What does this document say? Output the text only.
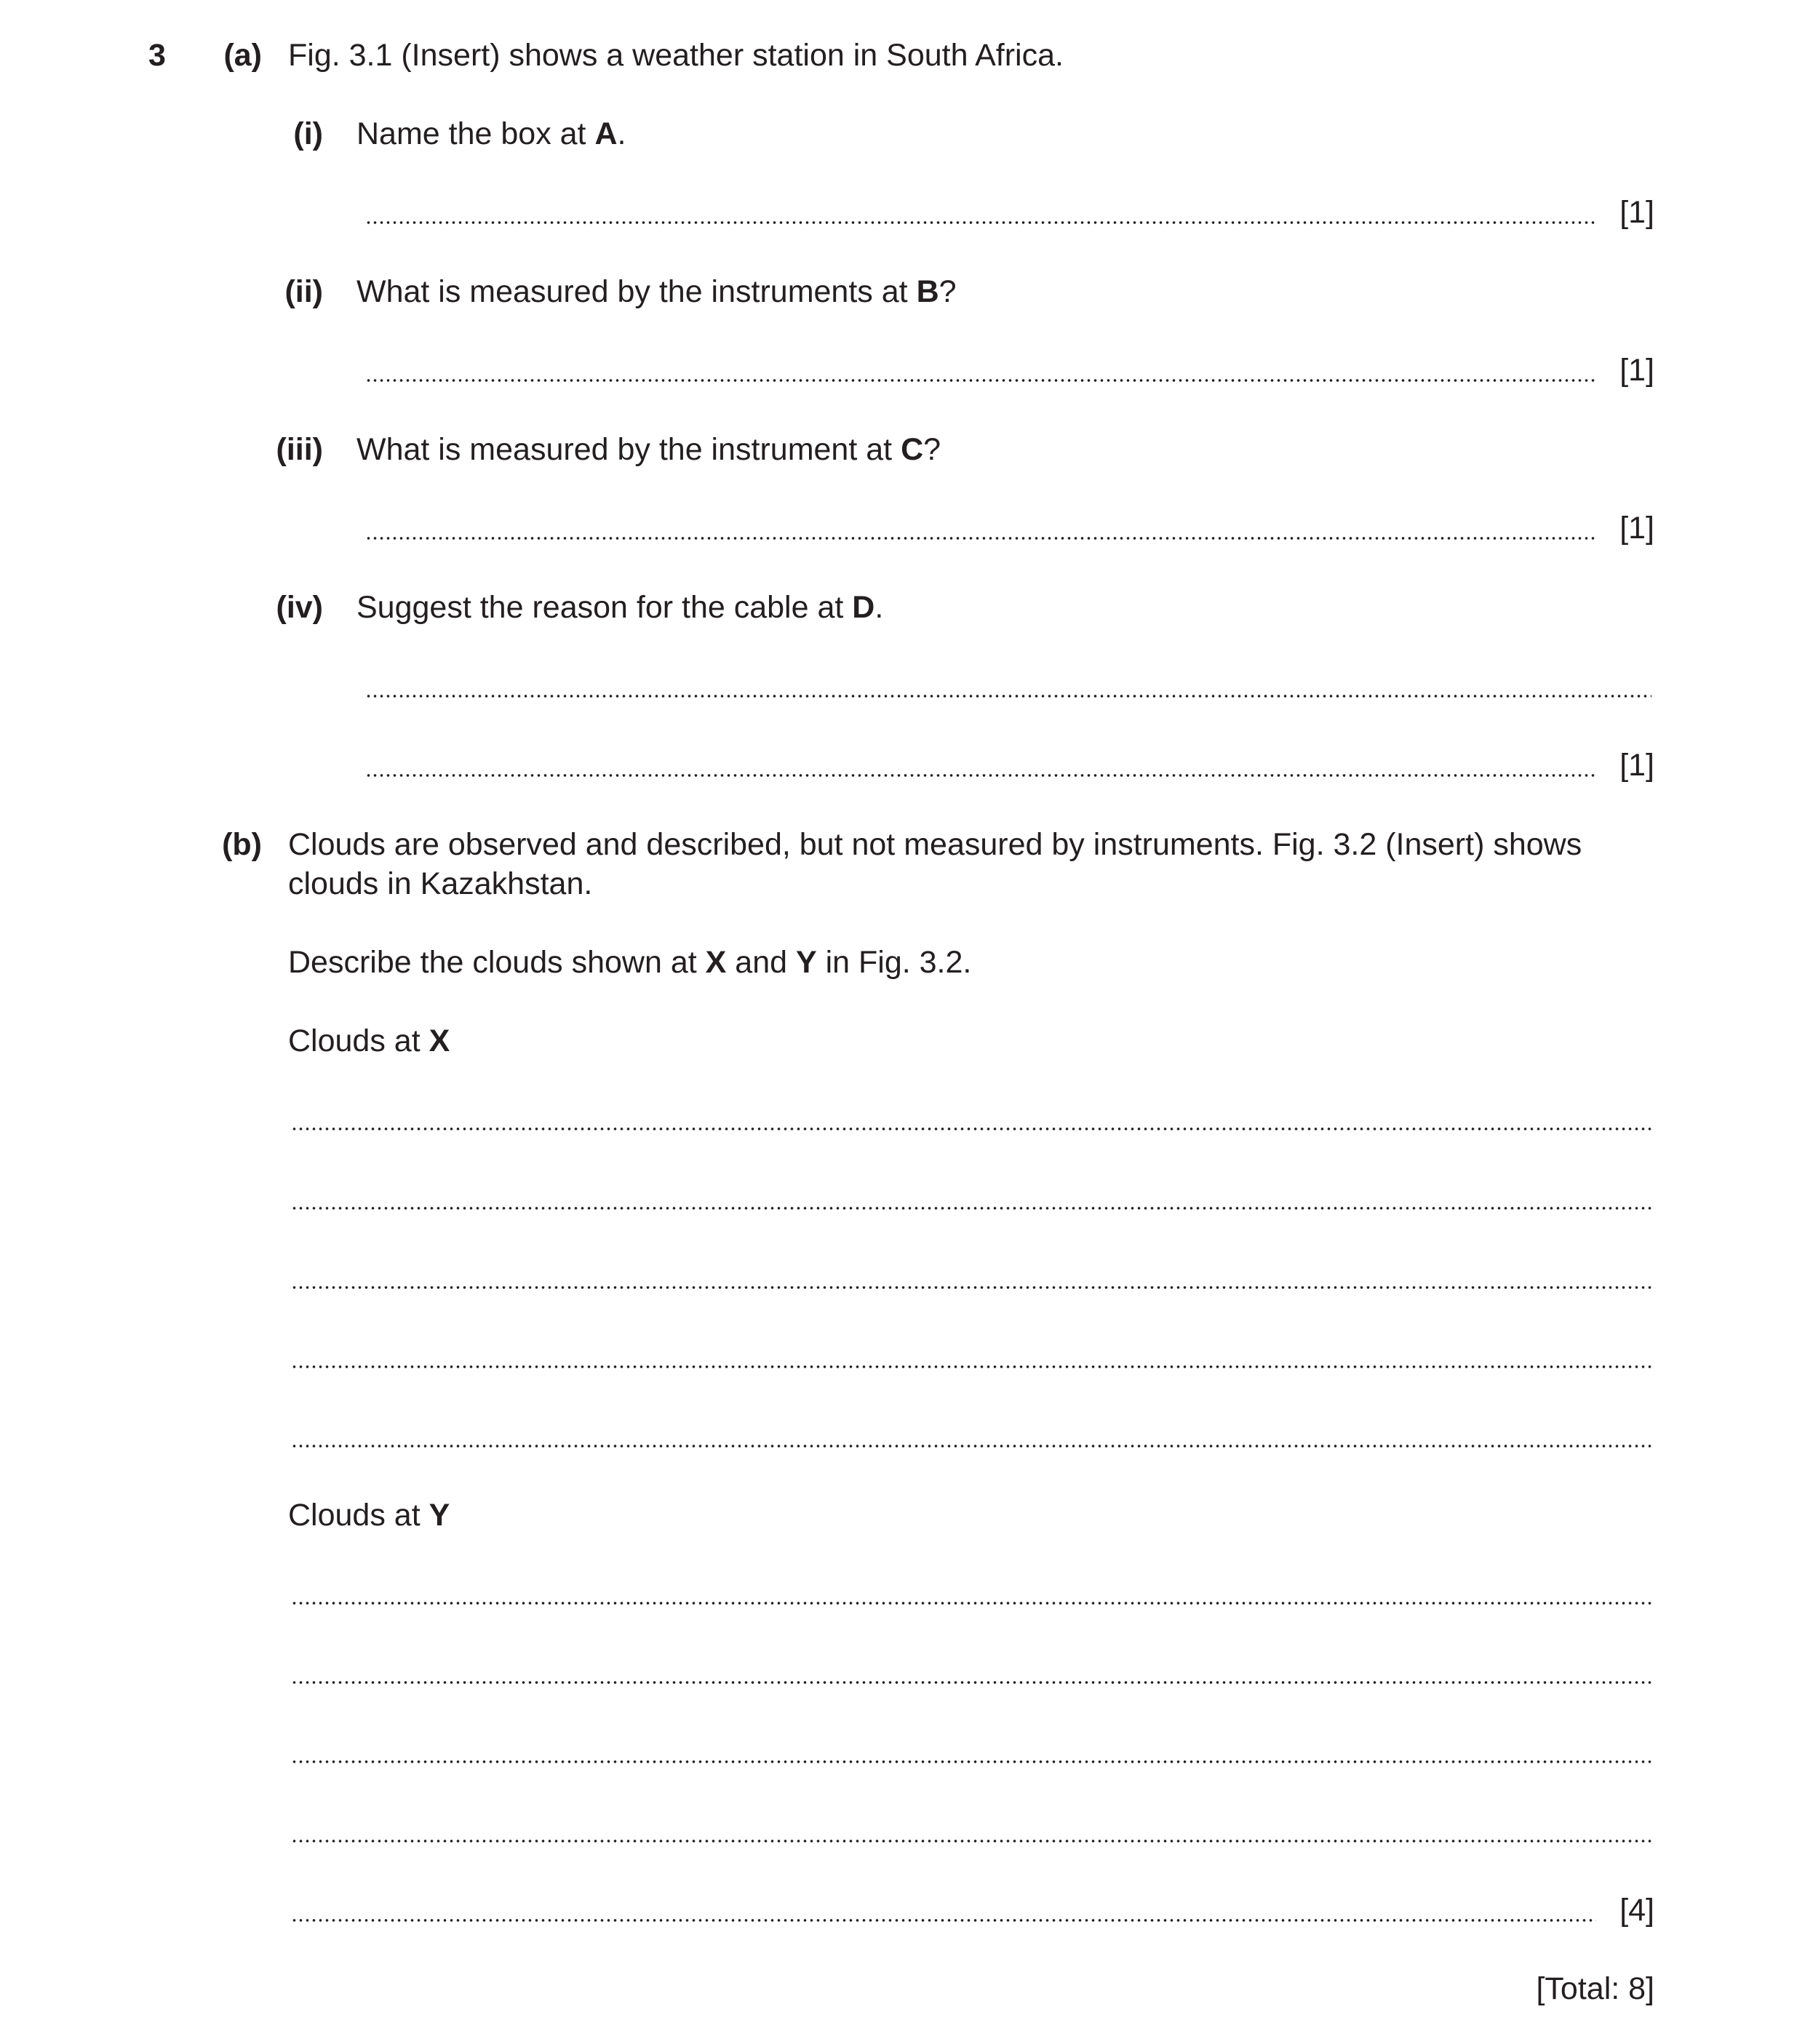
3	(a) Fig. 3.1 (Insert) shows a weather station in South Africa.
(i) Name the box at A.
[1]
(ii) What is measured by the instruments at B?
[1]
(iii) What is measured by the instrument at C?
[1]
(iv) Suggest the reason for the cable at D.
[1]
(b) Clouds are observed and described, but not measured by instruments. Fig. 3.2 (Insert) shows
clouds in Kazakhstan.
Describe the clouds shown at X and Y in Fig. 3.2.
Clouds at X
Clouds at Y
[4]
[Total: 8]
